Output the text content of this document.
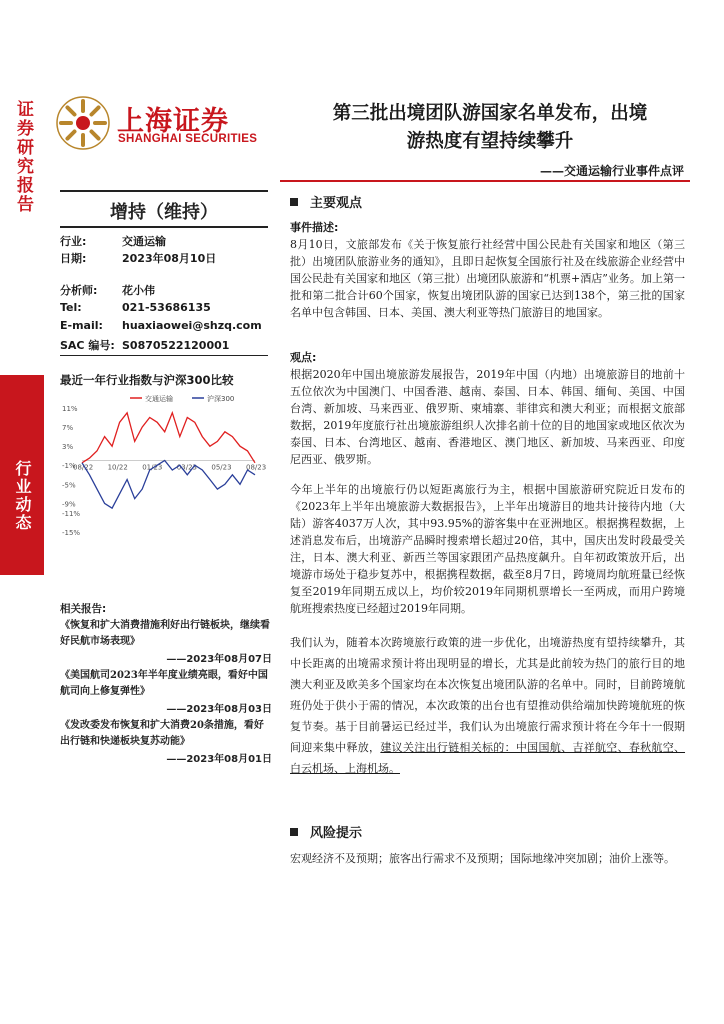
证券研究报告
行业动态
上海证券
SHANGHAI SECURITIES
第三批出境团队游国家名单发布，出境
游热度有望持续攀升
——交通运输行业事件点评
增持（维持）
行业:	交通运输
日期:	2023年08月10日
分析师: 花小伟
Tel:	021-53686135
E-mail: huaxiaowei@shzq.com
SAC 编号: S0870522120001
最近一年行业指数与沪深300比较
11%
7%
3%
-1%
-5%
-9%
-11%
-15%
08/22 10/22 01/23 03/23 05/23 08/23
交通运输	沪深300
相关报告:
《恢复和扩大消费措施利好出行链板块，继续看好民航市场表现》
——2023年08月07日
《美国航司2023年半年度业绩亮眼，看好中国航司向上修复弹性》
——2023年08月03日
《发改委发布恢复和扩大消费20条措施，看好出行链和快递板块复苏动能》
——2023年08月01日
主要观点
事件描述:
8月10日，文旅部发布《关于恢复旅行社经营中国公民赴有关国家和地区（第三批）出境团队旅游业务的通知》，且即日起恢复全国旅行社及在线旅游企业经营中国公民赴有关国家和地区（第三批）出境团队旅游和“机票+酒店”业务。加上第一批和第二批合计60个国家，恢复出境团队游的国家已达到138个，第三批的国家名单中包含韩国、日本、美国、澳大利亚等热门旅游目的地国家。
观点:
根据2020年中国出境旅游发展报告，2019年中国（内地）出境旅游目的地前十五位依次为中国澳门、中国香港、越南、泰国、日本、韩国、缅甸、美国、中国台湾、新加坡、马来西亚、俄罗斯、柬埔寨、菲律宾和澳大利亚；而根据文旅部数据，2019年度旅行社出境旅游组织人次排名前十位的目的地国家或地区依次为泰国、日本、台湾地区、越南、香港地区、澳门地区、新加坡、马来西亚、印度尼西亚、俄罗斯。
今年上半年的出境旅行仍以短距离旅行为主，根据中国旅游研究院近日发布的《2023年上半年出境旅游大数据报告》，上半年出境游目的地共计接待内地（大陆）游客4037万人次，其中93.95%的游客集中在亚洲地区。根据携程数据，上述消息发布后，出境游产品瞬时搜索增长超过20倍，其中，国庆出发时段最受关注，日本、澳大利亚、新西兰等国家跟团产品热度飙升。自年初政策放开后，出境游市场处于稳步复苏中，根据携程数据，截至8月7日，跨境周均航班量已经恢复至2019年同期五成以上，均价较2019年同期机票增长一至两成，而用户跨境航班搜索热度已经超过2019年同期。
我们认为，随着本次跨境旅行政策的进一步优化，出境游热度有望持续攀升，其中长距离的出境需求预计将出现明显的增长，尤其是此前较为热门的旅行目的地澳大利亚及欧美多个国家均在本次恢复出境团队游的名单中。同时，目前跨境航班仍处于供小于需的情况，本次政策的出台也有望推动供给端加快跨境航班的恢复节奏。基于目前暑运已经过半，我们认为出境旅行需求预计将在今年十一假期间迎来集中释放，建议关注出行链相关标的：中国国航、吉祥航空、春秋航空、白云机场、上海机场。
风险提示
宏观经济不及预期；旅客出行需求不及预期；国际地缘冲突加剧；油价上涨等。
